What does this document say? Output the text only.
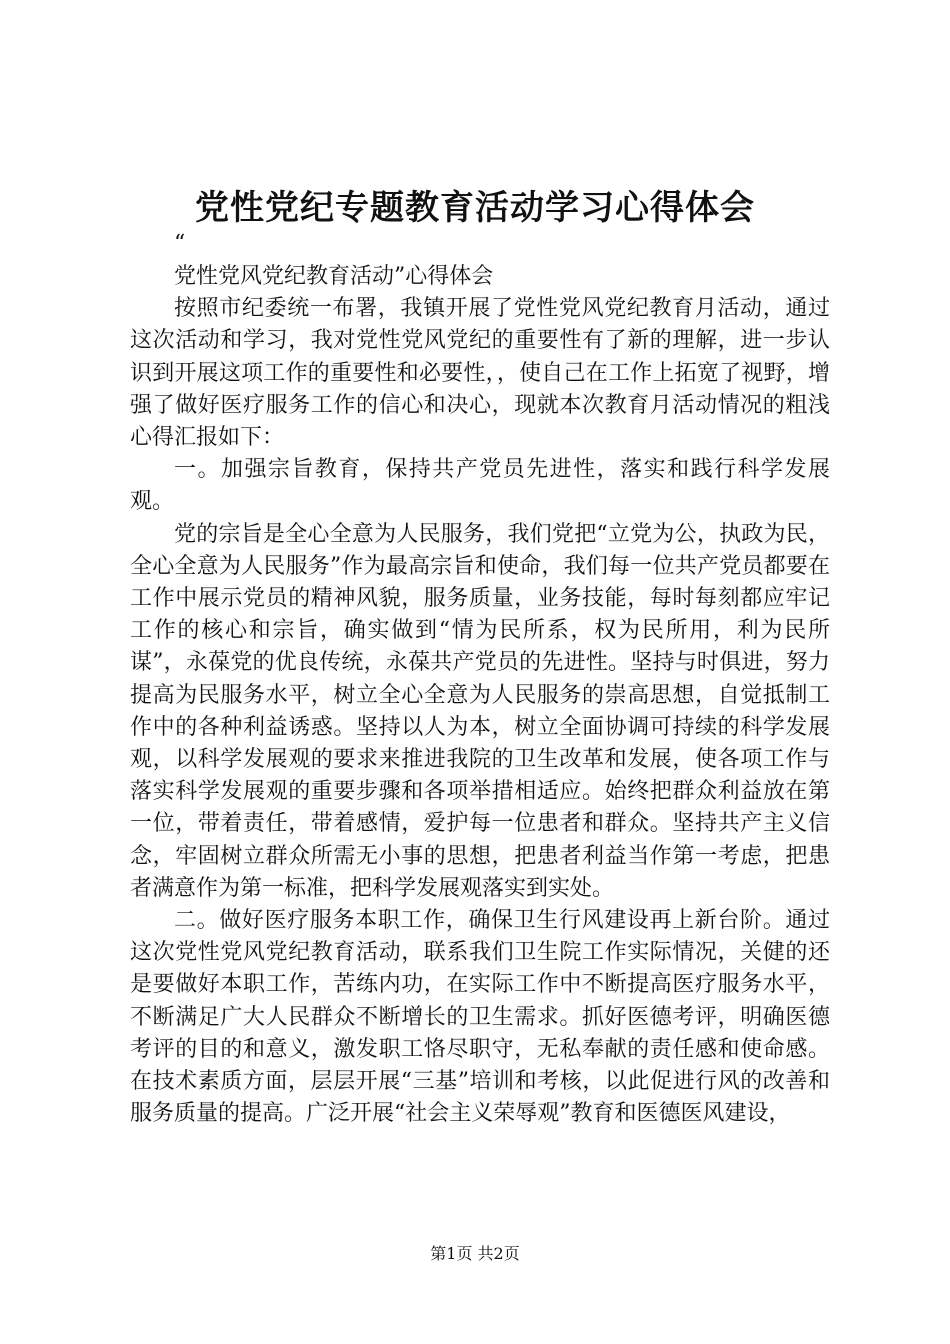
党性党纪专题教育活动学习心得体会
“

党性党风党纪教育活动”心得体会

按照市纪委统一布署，我镇开展了党性党风党纪教育月活动，通过这次活动和学习，我对党性党风党纪的重要性有了新的理解，进一步认识到开展这项工作的重要性和必要性，，使自己在工作上拓宽了视野，增强了做好医疗服务工作的信心和决心，现就本次教育月活动情况的粗浅心得汇报如下：

一。加强宗旨教育，保持共产党员先进性，落实和践行科学发展观。

党的宗旨是全心全意为人民服务，我们党把“立党为公，执政为民，全心全意为人民服务”作为最高宗旨和使命，我们每一位共产党员都要在工作中展示党员的精神风貌，服务质量，业务技能，每时每刻都应牢记工作的核心和宗旨，确实做到“情为民所系，权为民所用，利为民所谋”，永葆党的优良传统，永葆共产党员的先进性。坚持与时俱进，努力提高为民服务水平，树立全心全意为人民服务的崇高思想，自觉抵制工作中的各种利益诱惑。坚持以人为本，树立全面协调可持续的科学发展观，以科学发展观的要求来推进我院的卫生改革和发展，使各项工作与落实科学发展观的重要步骤和各项举措相适应。始终把群众利益放在第一位，带着责任，带着感情，爱护每一位患者和群众。坚持共产主义信念，牢固树立群众所需无小事的思想，把患者利益当作第一考虑，把患者满意作为第一标准，把科学发展观落实到实处。

二。做好医疗服务本职工作，确保卫生行风建设再上新台阶。通过这次党性党风党纪教育活动，联系我们卫生院工作实际情况，关健的还是要做好本职工作，苦练内功，在实际工作中不断提高医疗服务水平，不断满足广大人民群众不断增长的卫生需求。抓好医德考评，明确医德考评的目的和意义，激发职工恪尽职守，无私奉献的责任感和使命感。在技术素质方面，层层开展“三基”培训和考核，以此促进行风的改善和服务质量的提高。广泛开展“社会主义荣辱观”教育和医德医风建设，

第1页 共2页
